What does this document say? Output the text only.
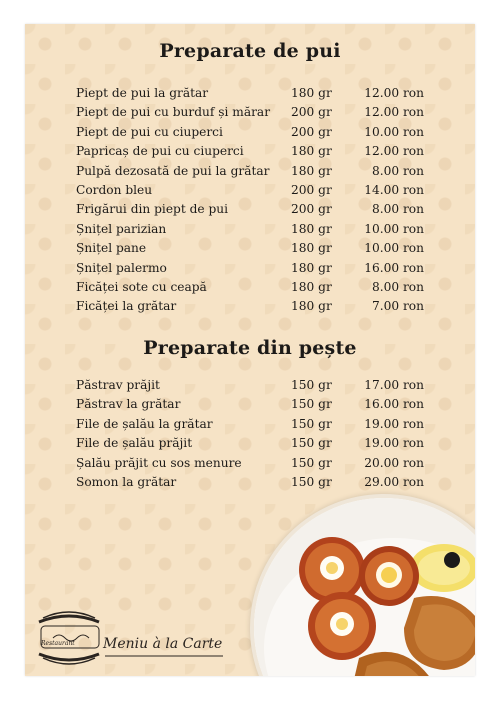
Preparate de pui
Piept de pui la grătar	180 gr	12.00 ron
Piept de pui cu burduf și mărar 200 gr	12.00 ron
Piept de pui cu ciuperci	200 gr	10.00 ron
Papricaș de pui cu ciuperci	180 gr	12.00 ron
Pulpă dezosată de pui la grătar 180 gr	8.00 ron
Cordon bleu	200 gr	14.00 ron
Frigărui din piept de pui	200 gr	8.00 ron
Șnițel parizian	180 gr	10.00 ron
Șnițel pane	180 gr	10.00 ron
Șnițel palermo	180 gr	16.00 ron
Ficăței sote cu ceapă	180 gr	8.00 ron
Ficăței la grătar	180 gr	7.00 ron
Preparate din pește
Păstrav prăjit	150 gr	17.00 ron
Păstrav la grătar	150 gr	16.00 ron
File de șalău la grătar	150 gr	19.00 ron
File de șalău prăjit	150 gr	19.00 ron
Șalău prăjit cu sos menure	150 gr	20.00 ron
Somon la grătar	150 gr	29.00 ron
Restaurant Meniu à la Carte
